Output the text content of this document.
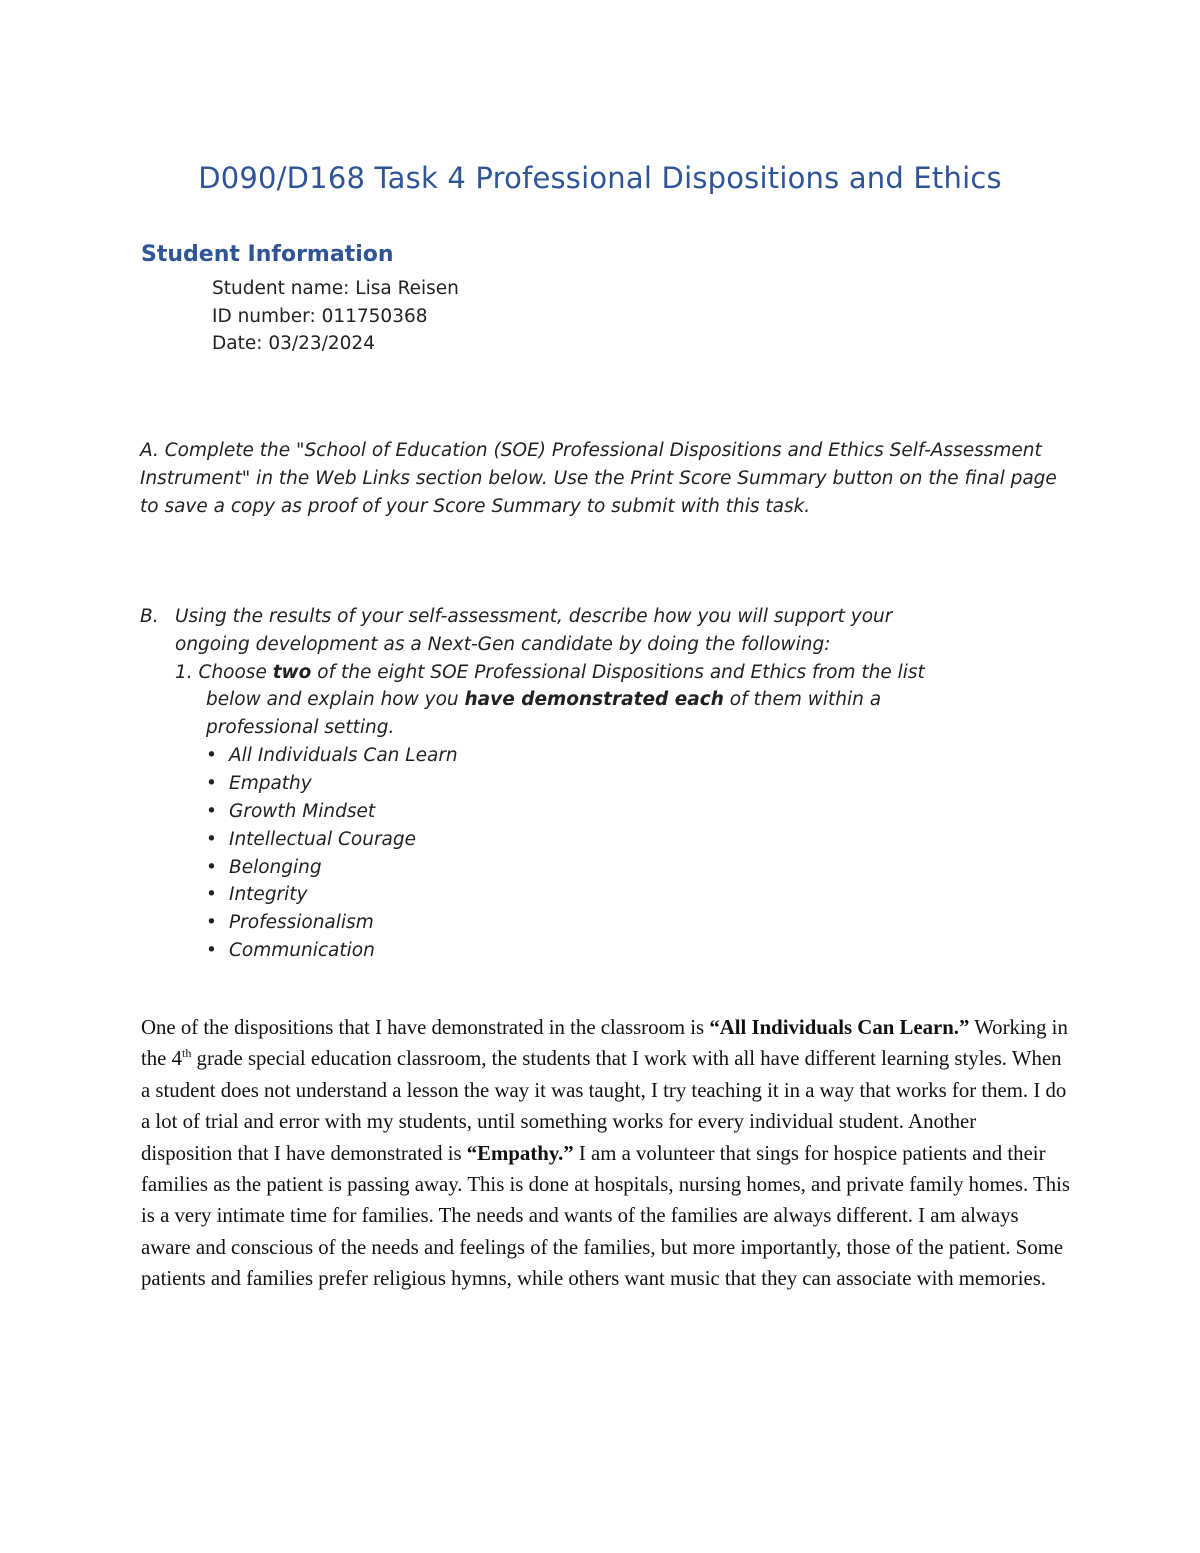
D090/D168 Task 4 Professional Dispositions and Ethics
Student Information
Student name: Lisa Reisen
ID number: 011750368
Date: 03/23/2024
A. Complete the "School of Education (SOE) Professional Dispositions and Ethics Self-Assessment Instrument" in the Web Links section below. Use the Print Score Summary button on the final page to save a copy as proof of your Score Summary to submit with this task.
B. Using the results of your self-assessment, describe how you will support your
ongoing development as a Next-Gen candidate by doing the following:
1. Choose two of the eight SOE Professional Dispositions and Ethics from the list
below and explain how you have demonstrated each of them within a
professional setting.
• All Individuals Can Learn
• Empathy
• Growth Mindset
• Intellectual Courage
• Belonging
• Integrity
• Professionalism
• Communication
One of the dispositions that I have demonstrated in the classroom is “All Individuals Can Learn.” Working in the 4th grade special education classroom, the students that I work with all have different learning styles. When a student does not understand a lesson the way it was taught, I try teaching it in a way that works for them. I do a lot of trial and error with my students, until something works for every individual student. Another disposition that I have demonstrated is “Empathy.” I am a volunteer that sings for hospice patients and their families as the patient is passing away. This is done at hospitals, nursing homes, and private family homes. This is a very intimate time for families. The needs and wants of the families are always different. I am always aware and conscious of the needs and feelings of the families, but more importantly, those of the patient. Some patients and families prefer religious hymns, while others want music that they can associate with memories.
